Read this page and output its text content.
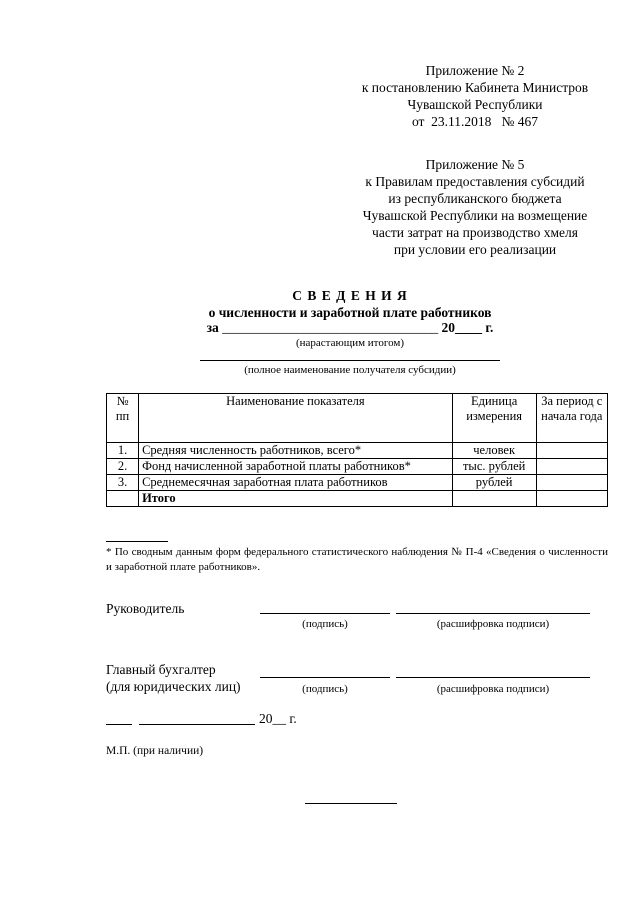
Приложение № 2
к постановлению Кабинета Министров
Чувашской Республики
от  23.11.2018   № 467
Приложение № 5
к Правилам предоставления субсидий
из республиканского бюджета
Чувашской Республики на возмещение
части затрат на производство хмеля
при условии его реализации
С В Е Д Е Н И Я
о численности и заработной плате работников
за ________________________________ 20____ г.
(нарастающим итогом)
(полное наименование получателя субсидии)
№ пп	Наименование показателя	Единица измерения	За период с начала года
1.	Средняя численность работников, всего*	человек	
2.	Фонд начисленной заработной платы работников*	тыс. рублей	
3.	Среднемесячная заработная плата работников	рублей	
	Итого		
* По сводным данным форм федерального статистического наблюдения № П-4 «Сведения о численности и заработной плате работников».
Руководитель
(подпись)	(расшифровка подписи)
Главный бухгалтер
(для юридических лиц)	(подпись)	(расшифровка подписи)
20__ г.
М.П. (при наличии)
